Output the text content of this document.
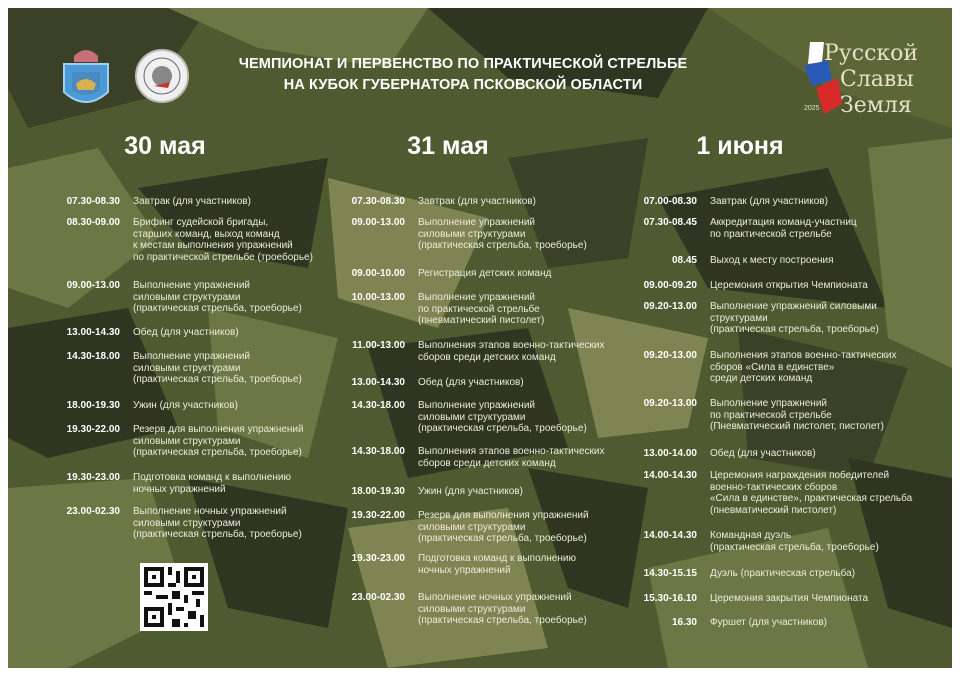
ЧЕМПИОНАТ И ПЕРВЕНСТВО ПО ПРАКТИЧЕСКОЙ СТРЕЛЬБЕ
НА КУБОК ГУБЕРНАТОРА ПСКОВСКОЙ ОБЛАСТИ
Русской
Славы
Земля
2025
30 мая	31 мая	1 июня
07.30-08.30 Завтрак (для участников)
08.30-09.00 Брифинг судейской бригады,
старших команд, выход команд
к местам выполнения упражнений
по практической стрельбе (троеборье)
09.00-13.00 Выполнение упражнений
силовыми структурами
(практическая стрельба, троеборье)
13.00-14.30 Обед (для участников)
14.30-18.00 Выполнение упражнений
силовыми структурами
(практическая стрельба, троеборье)
18.00-19.30 Ужин (для участников)
19.30-22.00 Резерв для выполнения упражнений
силовыми структурами
(практическая стрельба, троеборье)
19.30-23.00 Подготовка команд к выполнению
ночных упражнений
23.00-02.30 Выполнение ночных упражнений
силовыми структурами
(практическая стрельба, троеборье)
07.30-08.30 Завтрак (для участников)
09.00-13.00 Выполнение упражнений
силовыми структурами
(практическая стрельба, троеборье)
09.00-10.00 Регистрация детских команд
10.00-13.00 Выполнение упражнений
по практической стрельбе
(пневматический пистолет)
11.00-13.00 Выполнения этапов военно-тактических
сборов среди детских команд
13.00-14.30 Обед (для участников)
14.30-18.00 Выполнение упражнений
силовыми структурами
(практическая стрельба, троеборье)
14.30-18.00 Выполнения этапов военно-тактических
сборов среди детских команд
18.00-19.30 Ужин (для участников)
19.30-22.00 Резерв для выполнения упражнений
силовыми структурами
(практическая стрельба, троеборье)
19.30-23.00 Подготовка команд к выполнению
ночных упражнений
23.00-02.30 Выполнение ночных упражнений
силовыми структурами
(практическая стрельба, троеборье)
07.00-08.30 Завтрак (для участников)
07.30-08.45 Аккредитация команд-участниц
по практической стрельбе
08.45 Выход к месту построения
09.00-09.20 Церемония открытия Чемпионата
09.20-13.00 Выполнение упражнений силовыми
структурами
(практическая стрельба, троеборье)
09.20-13.00 Выполнения этапов военно-тактических
сборов «Сила в единстве»
среди детских команд
09.20-13.00 Выполнение упражнений
по практической стрельбе
(Пневматический пистолет, пистолет)
13.00-14.00 Обед (для участников)
14.00-14.30 Церемония награждения победителей
военно-тактических сборов
«Сила в единстве», практическая стрельба
(пневматический пистолет)
14.00-14.30 Командная дуэль
(практическая стрельба, троеборье)
14.30-15.15 Дуэль (практическая стрельба)
15.30-16.10 Церемония закрытия Чемпионата
16.30 Фуршет (для участников)
